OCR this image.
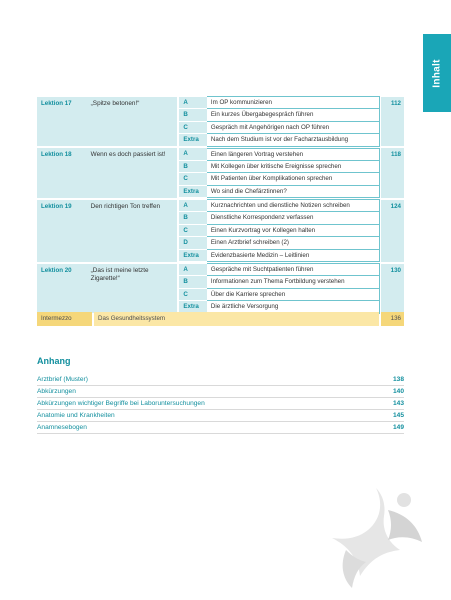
Inhalt
Lektion 17	„Spitze betonen!“		A	Im OP kommunizieren		112
			B	Ein kurzes Übergabegespräch führen		
			C	Gespräch mit Angehörigen nach OP führen		
			Extra	Nach dem Studium ist vor der Facharztausbildung		

Lektion 18	Wenn es doch passiert ist!		A	Einen längeren Vortrag verstehen		118
			B	Mit Kollegen über kritische Ereignisse sprechen		
			C	Mit Patienten über Komplikationen sprechen		
			Extra	Wo sind die Chefärztinnen?		

Lektion 19	Den richtigen Ton treffen		A	Kurznachrichten und dienstliche Notizen schreiben		124
			B	Dienstliche Korrespondenz verfassen		
			C	Einen Kurzvortrag vor Kollegen halten		
			D	Einen Arztbrief schreiben (2)		
			Extra	Evidenzbasierte Medizin – Leitlinien		

Lektion 20	„Das ist meine letzte Zigarette!“		A	Gespräche mit Suchtpatienten führen		130
			B	Informationen zum Thema Fortbildung verstehen		
			C	Über die Karriere sprechen		
			Extra	Die ärztliche Versorgung		
Intermezzo	Das Gesundheitssystem	136
Anhang
Arztbrief (Muster)	138
Abkürzungen	140
Abkürzungen wichtiger Begriffe bei Laboruntersuchungen	143
Anatomie und Krankheiten	145
Anamnesebogen	149
